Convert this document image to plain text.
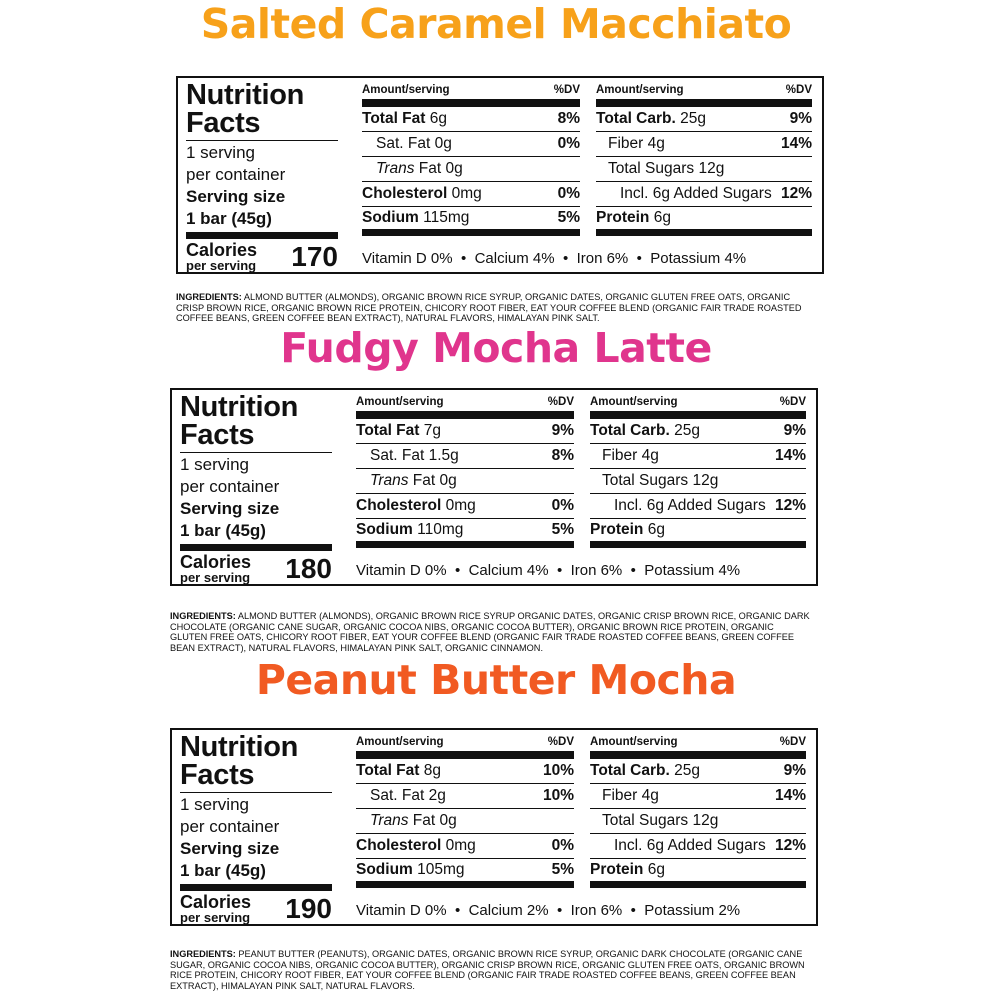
Salted Caramel Macchiato
Nutrition
Facts
1 serving
per container
Serving size
1 bar (45g)
Calories
per serving 170
Amount/serving	%DV
Total Fat 6g	8%
Sat. Fat 0g	0%
Trans Fat 0g
Cholesterol 0mg	0%
Sodium 115mg	5%
Amount/serving	%DV
Total Carb. 25g	9%
Fiber 4g	14%
Total Sugars 12g
Incl. 6g Added Sugars 12%
Protein 6g
Vitamin D 0% • Calcium 4% • Iron 6% • Potassium 4%
INGREDIENTS: ALMOND BUTTER (ALMONDS), ORGANIC BROWN RICE SYRUP, ORGANIC DATES, ORGANIC GLUTEN FREE OATS, ORGANIC CRISP BROWN RICE, ORGANIC BROWN RICE PROTEIN, CHICORY ROOT FIBER, EAT YOUR COFFEE BLEND (ORGANIC FAIR TRADE ROASTED COFFEE BEANS, GREEN COFFEE BEAN EXTRACT), NATURAL FLAVORS, HIMALAYAN PINK SALT.
Fudgy Mocha Latte
Nutrition
Facts
1 serving
per container
Serving size
1 bar (45g)
Calories
per serving 180
Amount/serving	%DV
Total Fat 7g	9%
Sat. Fat 1.5g	8%
Trans Fat 0g
Cholesterol 0mg	0%
Sodium 110mg	5%
Amount/serving	%DV
Total Carb. 25g	9%
Fiber 4g	14%
Total Sugars 12g
Incl. 6g Added Sugars 12%
Protein 6g
Vitamin D 0% • Calcium 4% • Iron 6% • Potassium 4%
INGREDIENTS: ALMOND BUTTER (ALMONDS), ORGANIC BROWN RICE SYRUP ORGANIC DATES, ORGANIC CRISP BROWN RICE, ORGANIC DARK CHOCOLATE (ORGANIC CANE SUGAR, ORGANIC COCOA NIBS, ORGANIC COCOA BUTTER), ORGANIC BROWN RICE PROTEIN, ORGANIC GLUTEN FREE OATS, CHICORY ROOT FIBER, EAT YOUR COFFEE BLEND (ORGANIC FAIR TRADE ROASTED COFFEE BEANS, GREEN COFFEE BEAN EXTRACT), NATURAL FLAVORS, HIMALAYAN PINK SALT, ORGANIC CINNAMON.
Peanut Butter Mocha
Nutrition
Facts
1 serving
per container
Serving size
1 bar (45g)
Calories
per serving 190
Amount/serving	%DV
Total Fat 8g	10%
Sat. Fat 2g	10%
Trans Fat 0g
Cholesterol 0mg	0%
Sodium 105mg	5%
Amount/serving	%DV
Total Carb. 25g	9%
Fiber 4g	14%
Total Sugars 12g
Incl. 6g Added Sugars 12%
Protein 6g
Vitamin D 0% • Calcium 2% • Iron 6% • Potassium 2%
INGREDIENTS: PEANUT BUTTER (PEANUTS), ORGANIC DATES, ORGANIC BROWN RICE SYRUP, ORGANIC DARK CHOCOLATE (ORGANIC CANE SUGAR, ORGANIC COCOA NIBS, ORGANIC COCOA BUTTER), ORGANIC CRISP BROWN RICE, ORGANIC GLUTEN FREE OATS, ORGANIC BROWN RICE PROTEIN, CHICORY ROOT FIBER, EAT YOUR COFFEE BLEND (ORGANIC FAIR TRADE ROASTED COFFEE BEANS, GREEN COFFEE BEAN EXTRACT), HIMALAYAN PINK SALT, NATURAL FLAVORS.
